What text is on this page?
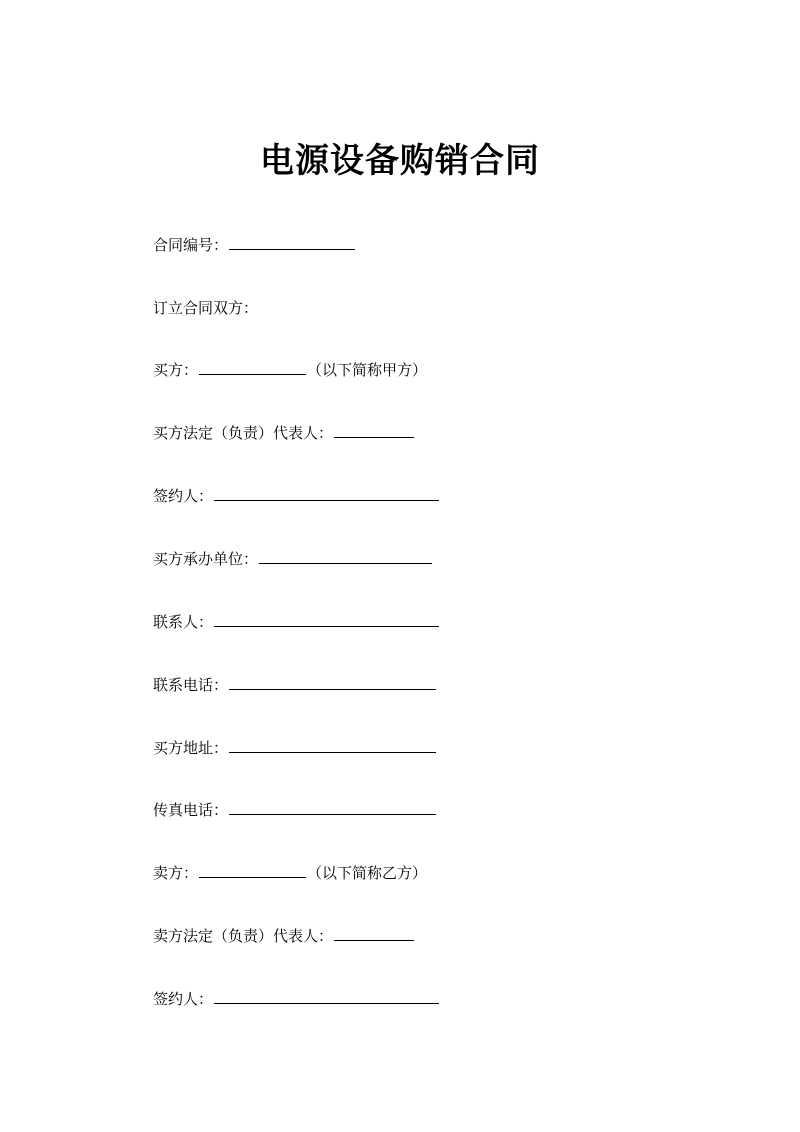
电源设备购销合同
合同编号：
订立合同双方：
买方：	（以下简称甲方）
买方法定（负责）代表人：
签约人：
买方承办单位：
联系人：
联系电话：
买方地址：
传真电话：
卖方：	（以下简称乙方）
卖方法定（负责）代表人：
签约人：
